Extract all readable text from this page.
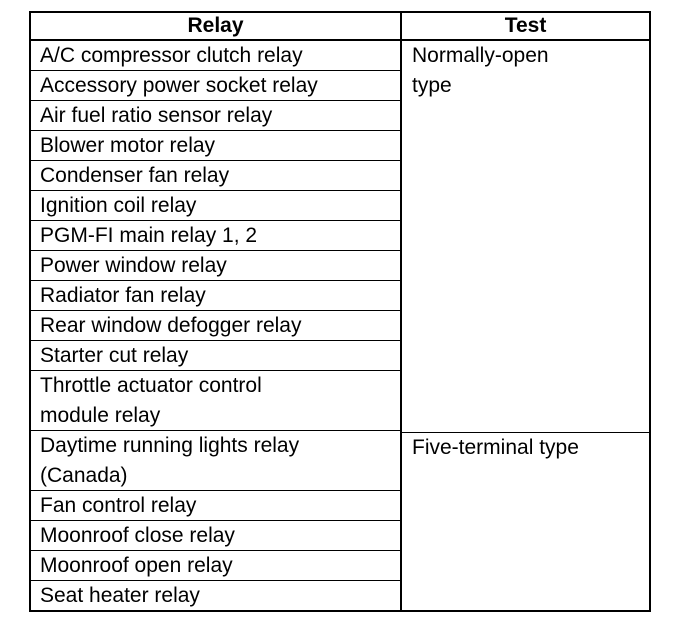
Relay
A/C compressor clutch relay
Accessory power socket relay
Air fuel ratio sensor relay
Blower motor relay
Condenser fan relay
Ignition coil relay
PGM-FI main relay 1, 2
Power window relay
Radiator fan relay
Rear window defogger relay
Starter cut relay
Throttle actuator control
module relay
Daytime running lights relay
(Canada)
Fan control relay
Moonroof close relay
Moonroof open relay
Seat heater relay
Test
Normally-open
type
Five-terminal type
